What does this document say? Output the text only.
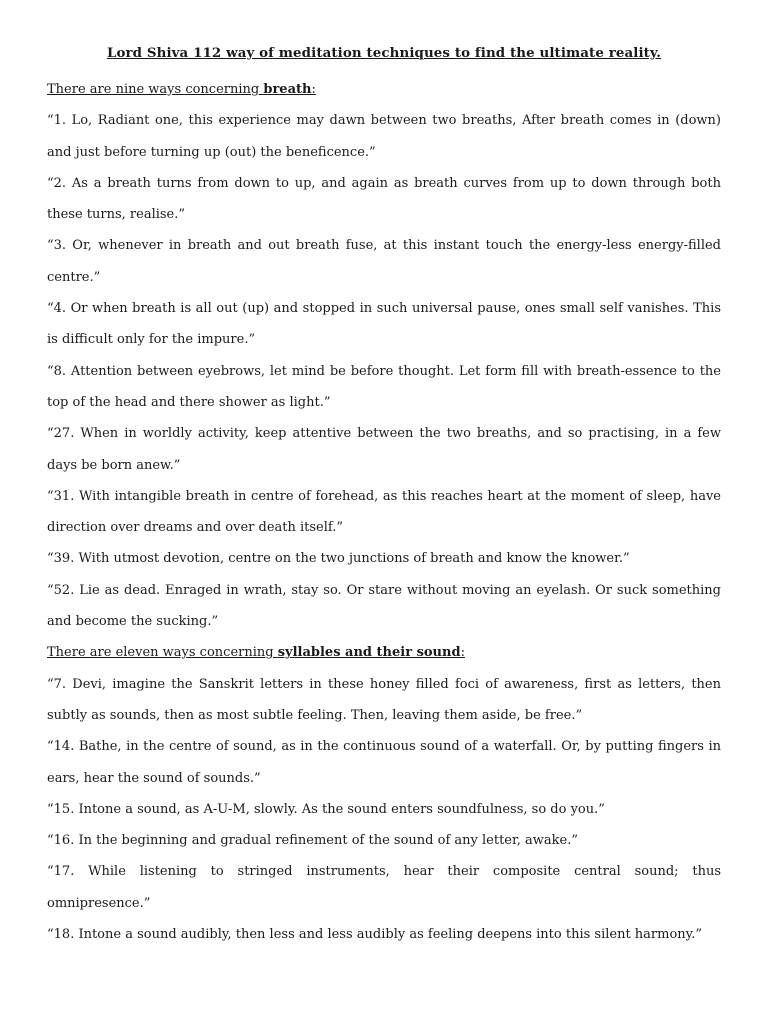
Lord Shiva 112 way of meditation techniques to find the ultimate reality.

There are nine ways concerning breath:

“1. Lo, Radiant one, this experience may dawn between two breaths, After breath comes in (down) and just before turning up (out) the beneficence.”

“2. As a breath turns from down to up, and again as breath curves from up to down through both these turns, realise.”

“3. Or, whenever in breath and out breath fuse, at this instant touch the energy-less energy-filled centre.”

“4. Or when breath is all out (up) and stopped in such universal pause, ones small self vanishes. This is difficult only for the impure.”

“8. Attention between eyebrows, let mind be before thought. Let form fill with breath-essence to the top of the head and there shower as light.”

“27. When in worldly activity, keep attentive between the two breaths, and so practising, in a few days be born anew.”

“31. With intangible breath in centre of forehead, as this reaches heart at the moment of sleep, have direction over dreams and over death itself.”

“39. With utmost devotion, centre on the two junctions of breath and know the knower.”

“52. Lie as dead. Enraged in wrath, stay so. Or stare without moving an eyelash. Or suck something and become the sucking.”

There are eleven ways concerning syllables and their sound:

“7. Devi, imagine the Sanskrit letters in these honey filled foci of awareness, first as letters, then subtly as sounds, then as most subtle feeling. Then, leaving them aside, be free.”

“14. Bathe, in the centre of sound, as in the continuous sound of a waterfall. Or, by putting fingers in ears, hear the sound of sounds.”

“15. Intone a sound, as A-U-M, slowly. As the sound enters soundfulness, so do you.”

“16. In the beginning and gradual refinement of the sound of any letter, awake.”

“17. While listening to stringed instruments, hear their composite central sound; thus omnipresence.”

“18. Intone a sound audibly, then less and less audibly as feeling deepens into this silent harmony.”
